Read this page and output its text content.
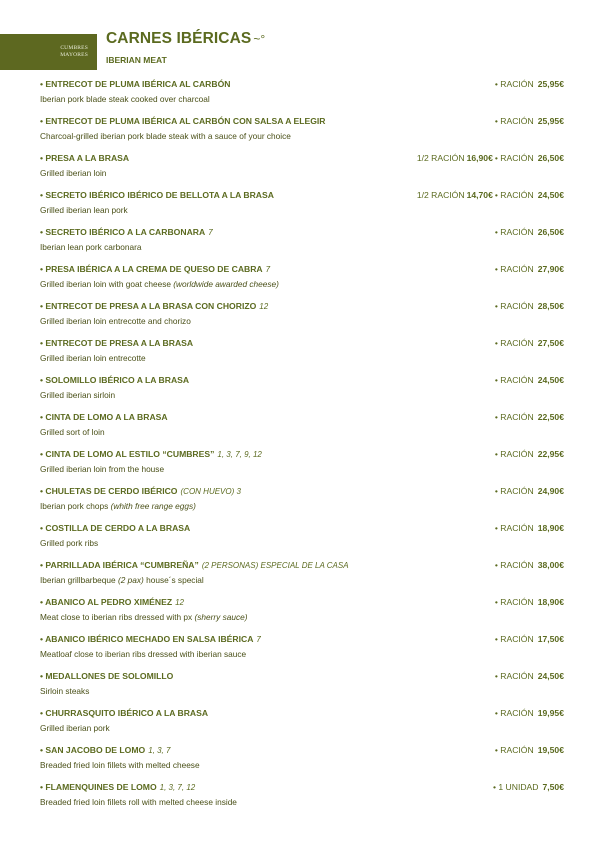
CUMBRES
MAYORES
CARNES IBÉRICAS ~°
IBERIAN MEAT
• ENTRECOT DE PLUMA IBÉRICA AL CARBÓN	• RACIÓN 25,95€
Iberian pork blade steak cooked over charcoal
• ENTRECOT DE PLUMA IBÉRICA AL CARBÓN CON SALSA A ELEGIR	• RACIÓN 25,95€
Charcoal-grilled iberian pork blade steak with a sauce of your choice
• PRESA A LA BRASA	1/2 RACIÓN 16,90€ • RACIÓN 26,50€
Grilled iberian loin
• SECRETO IBÉRICO IBÉRICO DE BELLOTA A LA BRASA	1/2 RACIÓN 14,70€ • RACIÓN 24,50€
Grilled iberian lean pork
• SECRETO IBÉRICO A LA CARBONARA 7	• RACIÓN 26,50€
Iberian lean pork carbonara
• PRESA IBÉRICA A LA CREMA DE QUESO DE CABRA 7	• RACIÓN 27,90€
Grilled iberian loin with goat cheese (worldwide awarded cheese)
• ENTRECOT DE PRESA A LA BRASA CON CHORIZO 12	• RACIÓN 28,50€
Grilled iberian loin entrecotte and chorizo
• ENTRECOT DE PRESA A LA BRASA	• RACIÓN 27,50€
Grilled iberian loin entrecotte
• SOLOMILLO IBÉRICO A LA BRASA	• RACIÓN 24,50€
Grilled iberian sirloin
• CINTA DE LOMO A LA BRASA	• RACIÓN 22,50€
Grilled sort of loin
• CINTA DE LOMO AL ESTILO “CUMBRES” 1, 3, 7, 9, 12	• RACIÓN 22,95€
Grilled iberian loin from the house
• CHULETAS DE CERDO IBÉRICO (CON HUEVO) 3	• RACIÓN 24,90€
Iberian pork chops (whith free range eggs)
• COSTILLA DE CERDO A LA BRASA	• RACIÓN 18,90€
Grilled pork ribs
• PARRILLADA IBÉRICA “CUMBREÑA” (2 PERSONAS) ESPECIAL DE LA CASA	• RACIÓN 38,00€
Iberian grillbarbeque (2 pax) house´s special
• ABANICO AL PEDRO XIMÉNEZ 12	• RACIÓN 18,90€
Meat close to iberian ribs dressed with px (sherry sauce)
• ABANICO IBÉRICO MECHADO EN SALSA IBÉRICA 7	• RACIÓN 17,50€
Meatloaf close to iberian ribs dressed with iberian sauce
• MEDALLONES DE SOLOMILLO	• RACIÓN 24,50€
Sirloin steaks
• CHURRASQUITO IBÉRICO A LA BRASA	• RACIÓN 19,95€
Grilled iberian pork
• SAN JACOBO DE LOMO 1, 3, 7	• RACIÓN 19,50€
Breaded fried loin fillets with melted cheese
• FLAMENQUINES DE LOMO 1, 3, 7, 12	• 1 UNIDAD 7,50€
Breaded fried loin fillets roll with melted cheese inside
